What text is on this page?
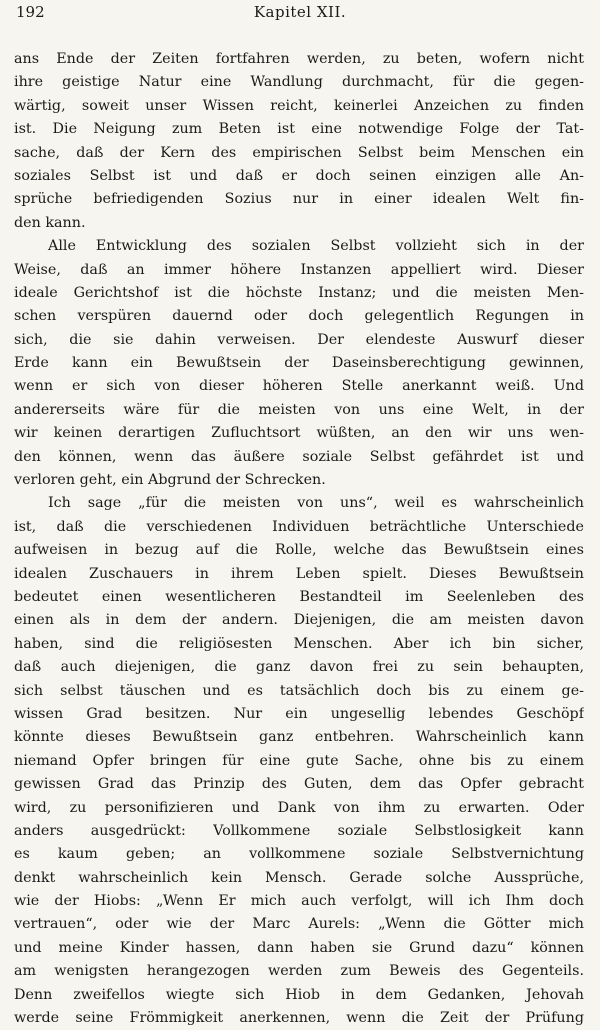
192	Kapitel XII.
ans Ende der Zeiten fortfahren werden, zu beten, wofern nicht
ihre geistige Natur eine Wandlung durchmacht, für die gegen-
wärtig, soweit unser Wissen reicht, keinerlei Anzeichen zu finden
ist. Die Neigung zum Beten ist eine notwendige Folge der Tat-
sache, daß der Kern des empirischen Selbst beim Menschen ein
soziales Selbst ist und daß er doch seinen einzigen alle An-
sprüche befriedigenden Sozius nur in einer idealen Welt fin-
den kann.
Alle Entwicklung des sozialen Selbst vollzieht sich in der
Weise, daß an immer höhere Instanzen appelliert wird. Dieser
ideale Gerichtshof ist die höchste Instanz; und die meisten Men-
schen verspüren dauernd oder doch gelegentlich Regungen in
sich, die sie dahin verweisen. Der elendeste Auswurf dieser
Erde kann ein Bewußtsein der Daseinsberechtigung gewinnen,
wenn er sich von dieser höheren Stelle anerkannt weiß. Und
andererseits wäre für die meisten von uns eine Welt, in der
wir keinen derartigen Zufluchtsort wüßten, an den wir uns wen-
den können, wenn das äußere soziale Selbst gefährdet ist und
verloren geht, ein Abgrund der Schrecken.
Ich sage „für die meisten von uns“, weil es wahrscheinlich
ist, daß die verschiedenen Individuen beträchtliche Unterschiede
aufweisen in bezug auf die Rolle, welche das Bewußtsein eines
idealen Zuschauers in ihrem Leben spielt. Dieses Bewußtsein
bedeutet einen wesentlicheren Bestandteil im Seelenleben des
einen als in dem der andern. Diejenigen, die am meisten davon
haben, sind die religiösesten Menschen. Aber ich bin sicher,
daß auch diejenigen, die ganz davon frei zu sein behaupten,
sich selbst täuschen und es tatsächlich doch bis zu einem ge-
wissen Grad besitzen. Nur ein ungesellig lebendes Geschöpf
könnte dieses Bewußtsein ganz entbehren. Wahrscheinlich kann
niemand Opfer bringen für eine gute Sache, ohne bis zu einem
gewissen Grad das Prinzip des Guten, dem das Opfer gebracht
wird, zu personifizieren und Dank von ihm zu erwarten. Oder
anders ausgedrückt: Vollkommene soziale Selbstlosigkeit kann
es kaum geben; an vollkommene soziale Selbstvernichtung
denkt wahrscheinlich kein Mensch. Gerade solche Aussprüche,
wie der Hiobs: „Wenn Er mich auch verfolgt, will ich Ihm doch
vertrauen“, oder wie der Marc Aurels: „Wenn die Götter mich
und meine Kinder hassen, dann haben sie Grund dazu“ können
am wenigsten herangezogen werden zum Beweis des Gegenteils.
Denn zweifellos wiegte sich Hiob in dem Gedanken, Jehovah
werde seine Frömmigkeit anerkennen, wenn die Zeit der Prüfung
